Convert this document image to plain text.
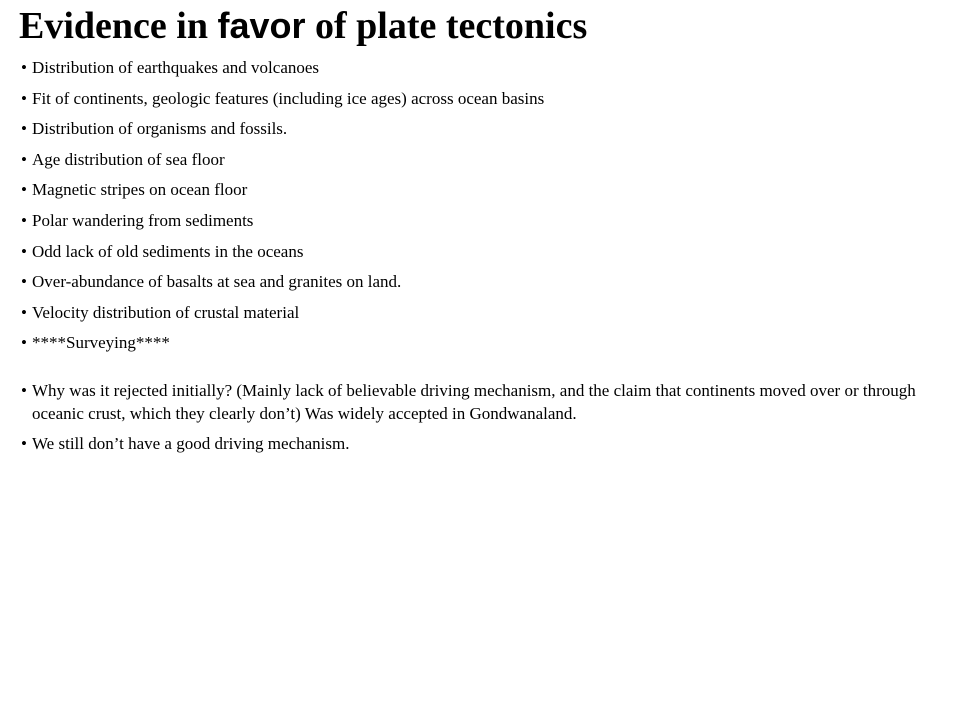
Evidence in favor of plate tectonics
• Distribution of earthquakes and volcanoes
• Fit of continents, geologic features (including ice ages) across ocean basins
• Distribution of organisms and fossils.
• Age distribution of sea floor
• Magnetic stripes on ocean floor
• Polar wandering from sediments
• Odd lack of old sediments in the oceans
• Over-abundance of basalts at sea and granites on land.
• Velocity distribution of crustal material
• ****Surveying****
• Why was it rejected initially? (Mainly lack of believable driving mechanism, and the claim that continents moved over or through oceanic crust, which they clearly don’t) Was widely accepted in Gondwanaland.
• We still don’t have a good driving mechanism.
